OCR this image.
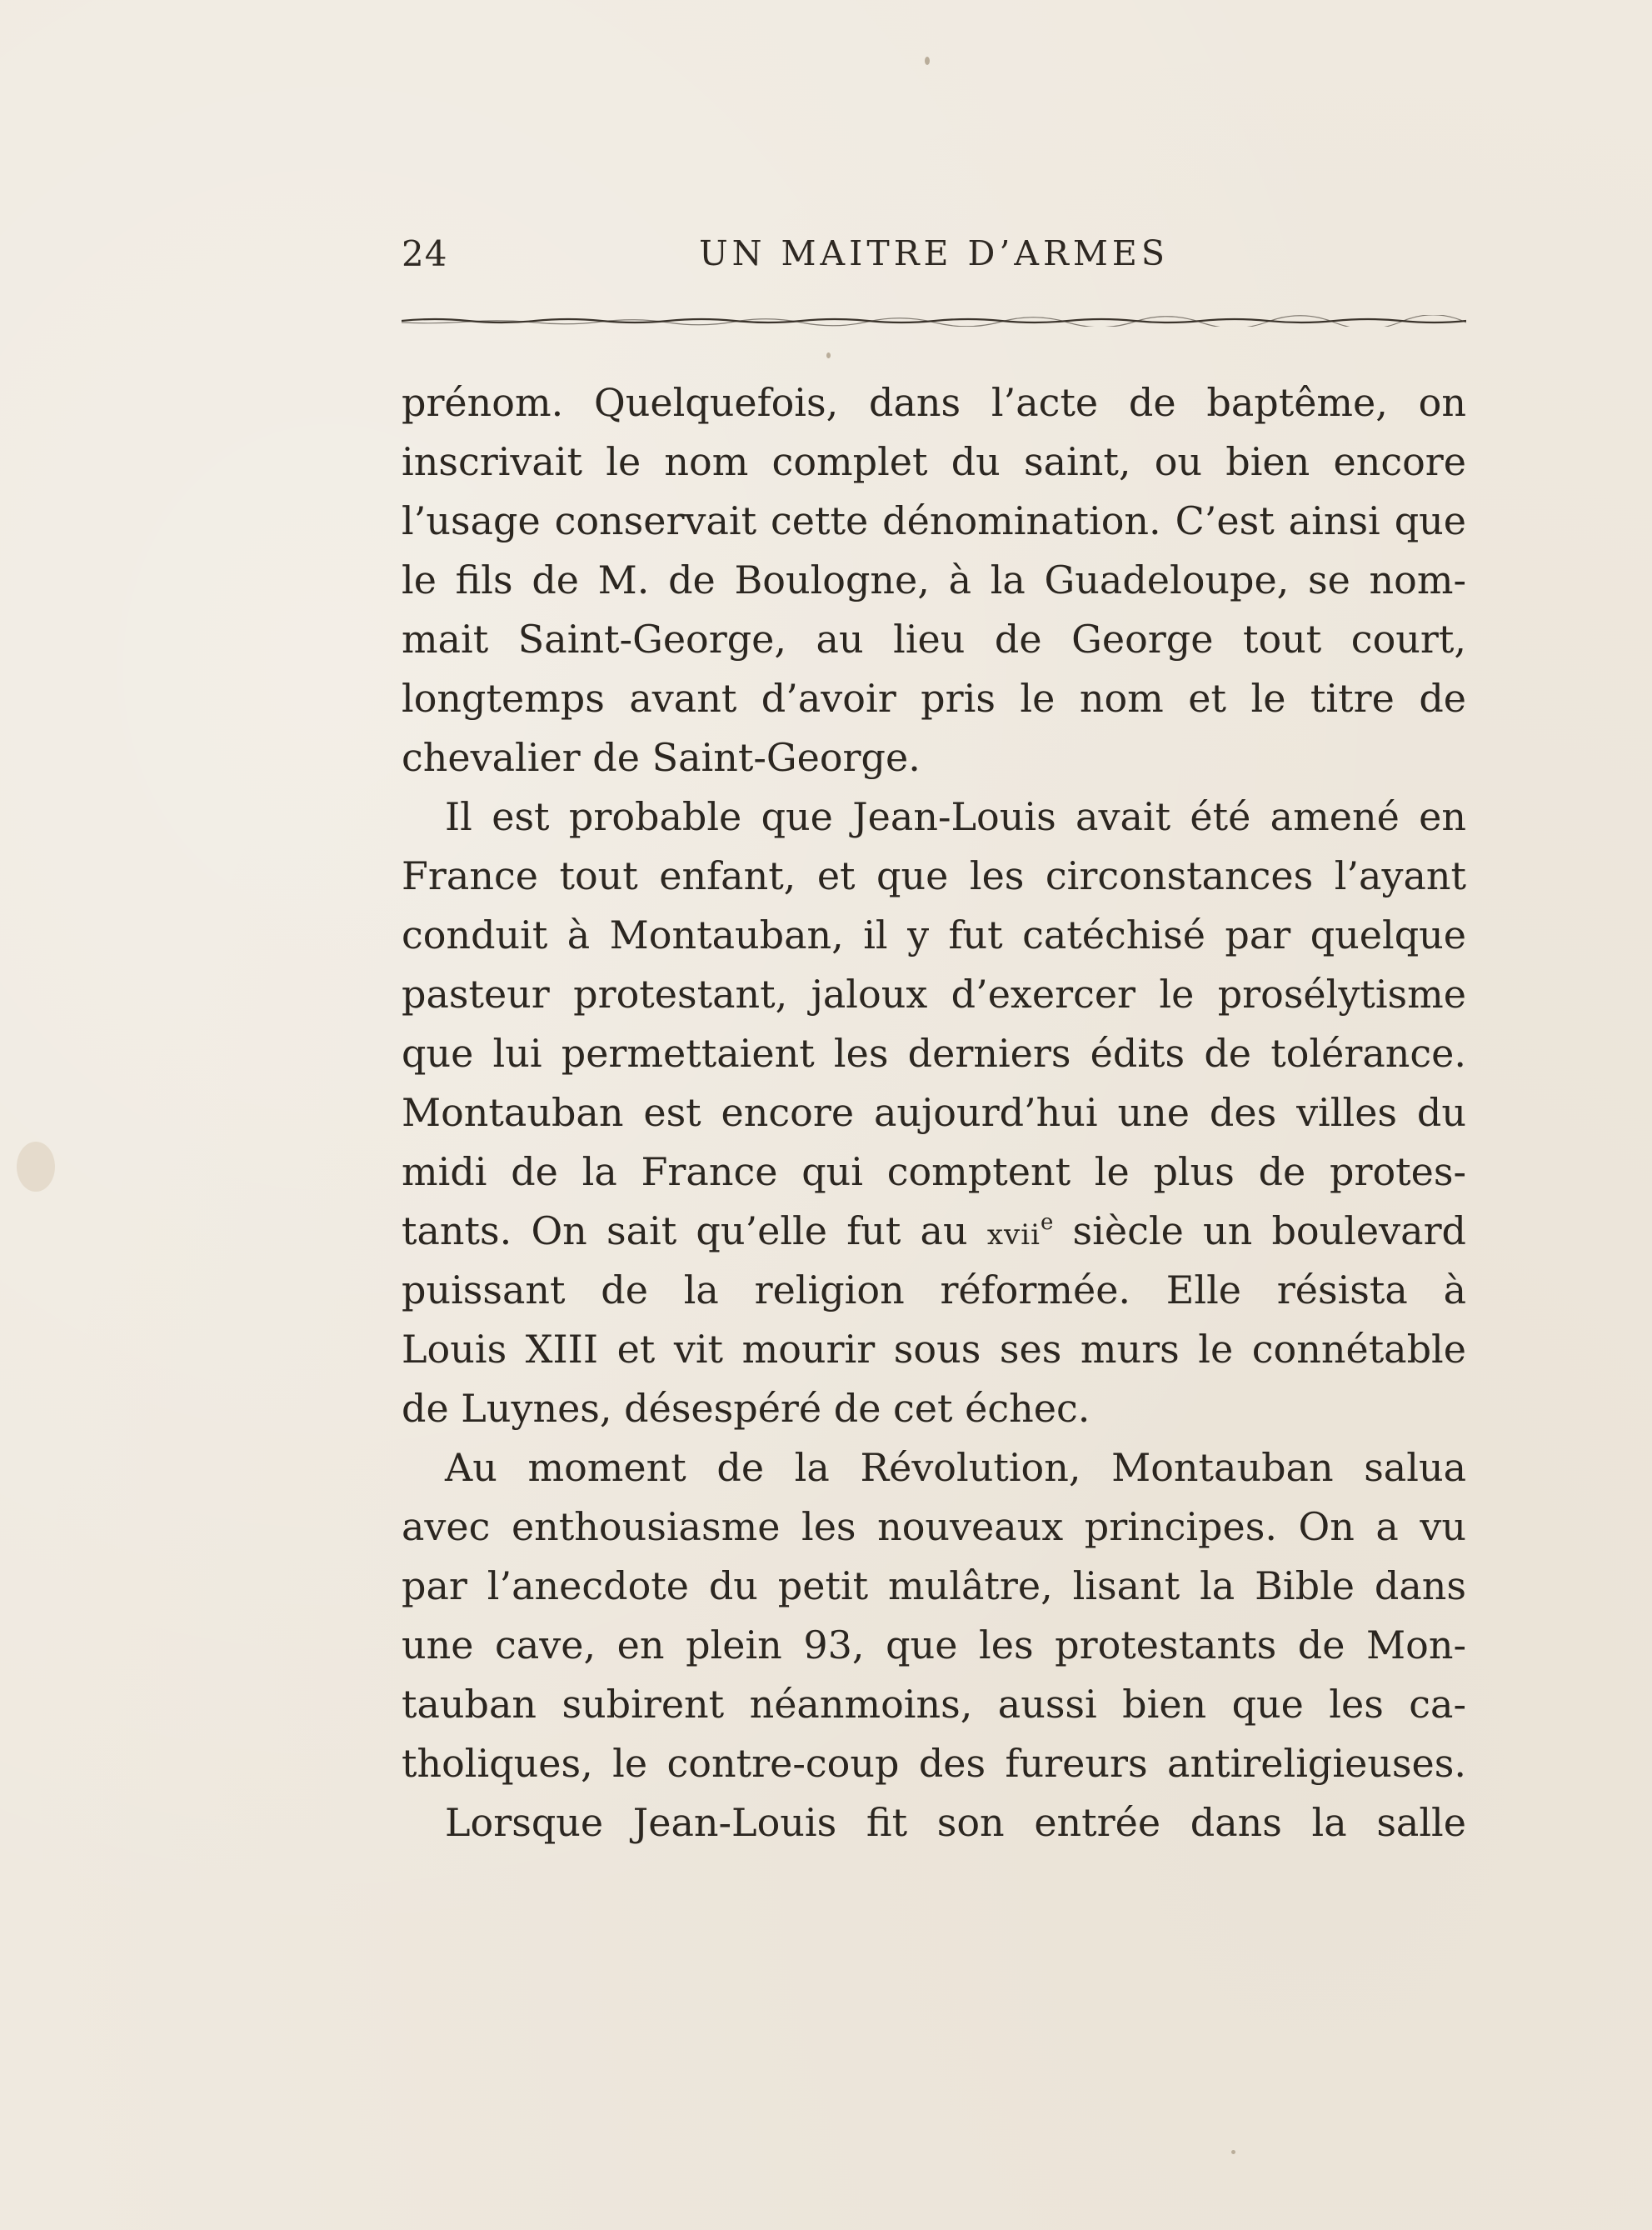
24	UN MAITRE D’ARMES
prénom. Quelquefois, dans l’acte de baptême, on
inscrivait le nom complet du saint, ou bien encore
l’usage conservait cette dénomination. C’est ainsi que
le fils de M. de Boulogne, à la Guadeloupe, se nom-
mait Saint-George, au lieu de George tout court,
longtemps avant d’avoir pris le nom et le titre de
chevalier de Saint-George.
Il est probable que Jean-Louis avait été amené en
France tout enfant, et que les circonstances l’ayant
conduit à Montauban, il y fut catéchisé par quelque
pasteur protestant, jaloux d’exercer le prosélytisme
que lui permettaient les derniers édits de tolérance.
Montauban est encore aujourd’hui une des villes du
midi de la France qui comptent le plus de protes-
tants. On sait qu’elle fut au xvii$^e$ siècle un boulevard
puissant de la religion réformée. Elle résista à
Louis XIII et vit mourir sous ses murs le connétable
de Luynes, désespéré de cet échec.
Au moment de la Révolution, Montauban salua
avec enthousiasme les nouveaux principes. On a vu
par l’anecdote du petit mulâtre, lisant la Bible dans
une cave, en plein 93, que les protestants de Mon-
tauban subirent néanmoins, aussi bien que les ca-
tholiques, le contre-coup des fureurs antireligieuses.
Lorsque Jean-Louis fit son entrée dans la salle
